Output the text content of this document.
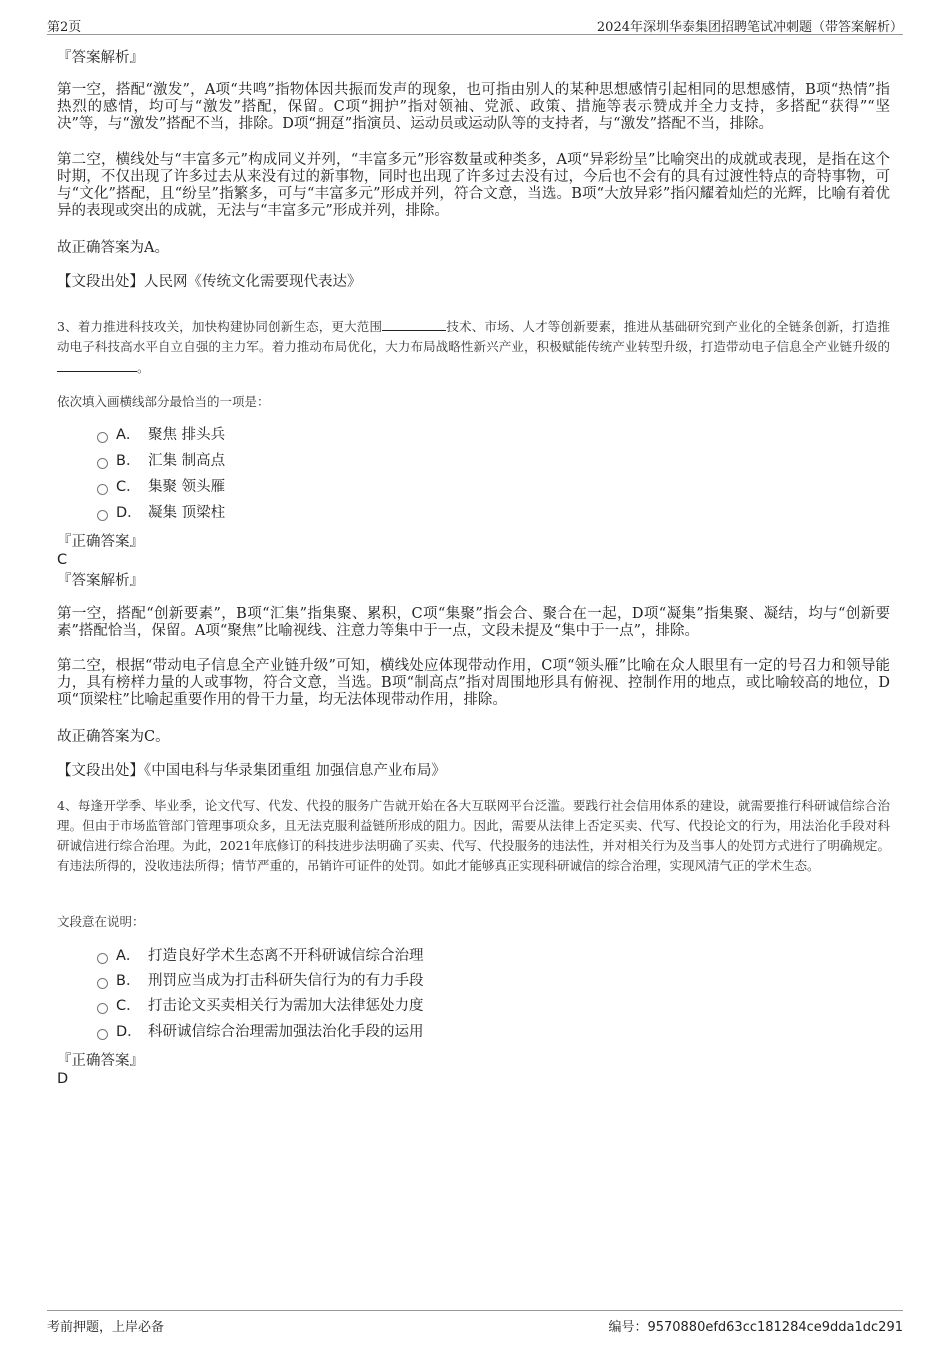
第2页	2024年深圳华泰集团招聘笔试冲刺题（带答案解析）
『答案解析』

第一空，搭配“激发”，A项“共鸣”指物体因共振而发声的现象，也可指由别人的某种思想感情引起相同的思想感情，B项“热情”指热烈的感情，均可与“激发”搭配，保留。C项“拥护”指对领袖、党派、政策、措施等表示赞成并全力支持，多搭配“获得”“坚决”等，与“激发”搭配不当，排除。D项“拥趸”指演员、运动员或运动队等的支持者，与“激发”搭配不当，排除。

第二空，横线处与“丰富多元”构成同义并列，“丰富多元”形容数量或种类多，A项“异彩纷呈”比喻突出的成就或表现，是指在这个时期，不仅出现了许多过去从来没有过的新事物，同时也出现了许多过去没有过，今后也不会有的具有过渡性特点的奇特事物，可与“文化”搭配，且“纷呈”指繁多，可与“丰富多元”形成并列，符合文意，当选。B项“大放异彩”指闪耀着灿烂的光辉，比喻有着优异的表现或突出的成就，无法与“丰富多元”形成并列，排除。

故正确答案为A。
【文段出处】人民网《传统文化需要现代表达》

3、着力推进科技攻关，加快构建协同创新生态，更大范围	技术、市场、人才等创新要素，推进从基础研究到产业化的全链条创新，打造推动电子科技高水平自立自强的主力军。着力推动布局优化，大力布局战略性新兴产业，积极赋能传统产业转型升级，打造带动电子信息全产业链升级的。

依次填入画横线部分最恰当的一项是：
A． 聚焦 排头兵
B． 汇集 制高点
C． 集聚 领头雁
D． 凝集 顶梁柱
『正确答案』
C
『答案解析』

第一空，搭配“创新要素”，B项“汇集”指集聚、累积，C项“集聚”指会合、聚合在一起，D项“凝集”指集聚、凝结，均与“创新要素”搭配恰当，保留。A项“聚焦”比喻视线、注意力等集中于一点，文段未提及“集中于一点”，排除。

第二空，根据“带动电子信息全产业链升级”可知，横线处应体现带动作用，C项“领头雁”比喻在众人眼里有一定的号召力和领导能力，具有榜样力量的人或事物，符合文意，当选。B项“制高点”指对周围地形具有俯视、控制作用的地点，或比喻较高的地位，D项“顶梁柱”比喻起重要作用的骨干力量，均无法体现带动作用，排除。

故正确答案为C。
【文段出处】《中国电科与华录集团重组 加强信息产业布局》

4、每逢开学季、毕业季，论文代写、代发、代投的服务广告就开始在各大互联网平台泛滥。要践行社会信用体系的建设，就需要推行科研诚信综合治理。但由于市场监管部门管理事项众多，且无法克服利益链所形成的阻力。因此，需要从法律上否定买卖、代写、代投论文的行为，用法治化手段对科研诚信进行综合治理。为此，2021年底修订的科技进步法明确了买卖、代写、代投服务的违法性，并对相关行为及当事人的处罚方式进行了明确规定。有违法所得的，没收违法所得；情节严重的，吊销许可证件的处罚。如此才能够真正实现科研诚信的综合治理，实现风清气正的学术生态。

文段意在说明：
A． 打造良好学术生态离不开科研诚信综合治理
B． 刑罚应当成为打击科研失信行为的有力手段
C． 打击论文买卖相关行为需加大法律惩处力度
D． 科研诚信综合治理需加强法治化手段的运用
『正确答案』
D
考前押题，上岸必备	编号：9570880efd63cc181284ce9dda1dc291
